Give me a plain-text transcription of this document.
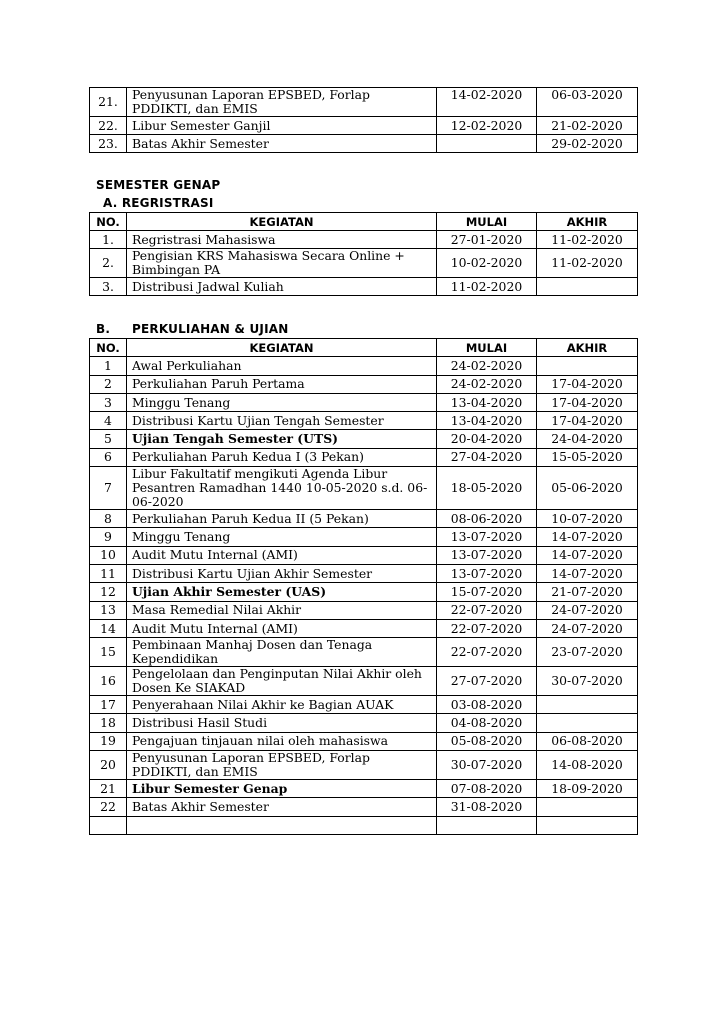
21.	Penyusunan Laporan EPSBED, Forlap PDDIKTI, dan EMIS	14-02-2020	06-03-2020
22.	Libur Semester Ganjil	12-02-2020	21-02-2020
23.	Batas Akhir Semester		29-02-2020
SEMESTER GENAP
A. REGRISTRASI
NO.	KEGIATAN	MULAI	AKHIR
1.	Regristrasi Mahasiswa	27-01-2020	11-02-2020
2.	Pengisian KRS Mahasiswa Secara Online + Bimbingan PA	10-02-2020	11-02-2020
3.	Distribusi Jadwal Kuliah	11-02-2020	
B. PERKULIAHAN & UJIAN
NO.	KEGIATAN	MULAI	AKHIR
1	Awal Perkuliahan	24-02-2020	
2	Perkuliahan Paruh Pertama	24-02-2020	17-04-2020
3	Minggu Tenang	13-04-2020	17-04-2020
4	Distribusi Kartu Ujian Tengah Semester	13-04-2020	17-04-2020
5	Ujian Tengah Semester (UTS)	20-04-2020	24-04-2020
6	Perkuliahan Paruh Kedua I (3 Pekan)	27-04-2020	15-05-2020
7	Libur Fakultatif mengikuti Agenda Libur Pesantren Ramadhan 1440 10-05-2020 s.d. 06-06-2020	18-05-2020	05-06-2020
8	Perkuliahan Paruh Kedua II (5 Pekan)	08-06-2020	10-07-2020
9	Minggu Tenang	13-07-2020	14-07-2020
10	Audit Mutu Internal (AMI)	13-07-2020	14-07-2020
11	Distribusi Kartu Ujian Akhir Semester	13-07-2020	14-07-2020
12	Ujian Akhir Semester (UAS)	15-07-2020	21-07-2020
13	Masa Remedial Nilai Akhir	22-07-2020	24-07-2020
14	Audit Mutu Internal (AMI)	22-07-2020	24-07-2020
15	Pembinaan Manhaj Dosen dan Tenaga Kependidikan	22-07-2020	23-07-2020
16	Pengelolaan dan Penginputan Nilai Akhir oleh Dosen Ke SIAKAD	27-07-2020	30-07-2020
17	Penyerahaan Nilai Akhir ke Bagian AUAK	03-08-2020	
18	Distribusi Hasil Studi	04-08-2020	
19	Pengajuan tinjauan nilai oleh mahasiswa	05-08-2020	06-08-2020
20	Penyusunan Laporan EPSBED, Forlap PDDIKTI, dan EMIS	30-07-2020	14-08-2020
21	Libur Semester Genap	07-08-2020	18-09-2020
22	Batas Akhir Semester	31-08-2020	
